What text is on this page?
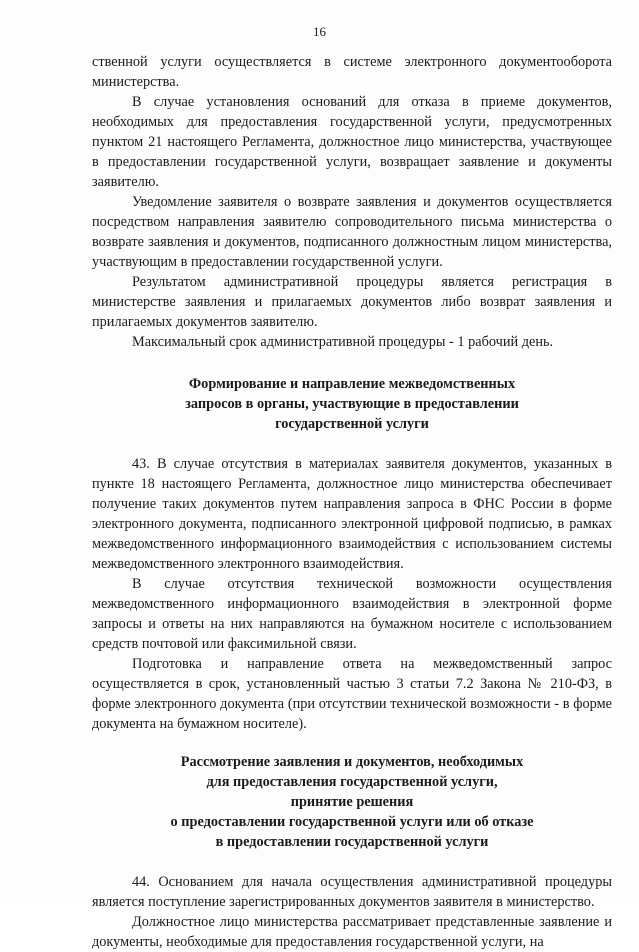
16

ственной услуги осуществляется в системе электронного документооборота министерства.

В случае установления оснований для отказа в приеме документов, необходимых для предоставления государственной услуги, предусмотренных пунктом 21 настоящего Регламента, должностное лицо министерства, участвующее в предоставлении государственной услуги, возвращает заявление и документы заявителю.

Уведомление заявителя о возврате заявления и документов осуществляется посредством направления заявителю сопроводительного письма министерства о возврате заявления и документов, подписанного должностным лицом министерства, участвующим в предоставлении государственной услуги.

Результатом административной процедуры является регистрация в министерстве заявления и прилагаемых документов либо возврат заявления и прилагаемых документов заявителю.

Максимальный срок административной процедуры - 1 рабочий день.

Формирование и направление межведомственных

запросов в органы, участвующие в предоставлении

государственной услуги

43. В случае отсутствия в материалах заявителя документов, указанных в пункте 18 настоящего Регламента, должностное лицо министерства обеспечивает получение таких документов путем направления запроса в ФНС России в форме электронного документа, подписанного электронной цифровой подписью, в рамках межведомственного информационного взаимодействия с использованием системы межведомственного электронного взаимодействия.

В случае отсутствия технической возможности осуществления межведомственного информационного взаимодействия в электронной форме запросы и ответы на них направляются на бумажном носителе с использованием средств почтовой или факсимильной связи.

Подготовка и направление ответа на межведомственный запрос осуществляется в срок, установленный частью 3 статьи 7.2 Закона № 210-ФЗ, в форме электронного документа (при отсутствии технической возможности - в форме документа на бумажном носителе).

Рассмотрение заявления и документов, необходимых

для предоставления государственной услуги,

принятие решения

о предоставлении государственной услуги или об отказе

в предоставлении государственной услуги

44. Основанием для начала осуществления административной процедуры является поступление зарегистрированных документов заявителя в министерство.

Должностное лицо министерства рассматривает представленные заявление и документы, необходимые для предоставления государственной услуги, на
